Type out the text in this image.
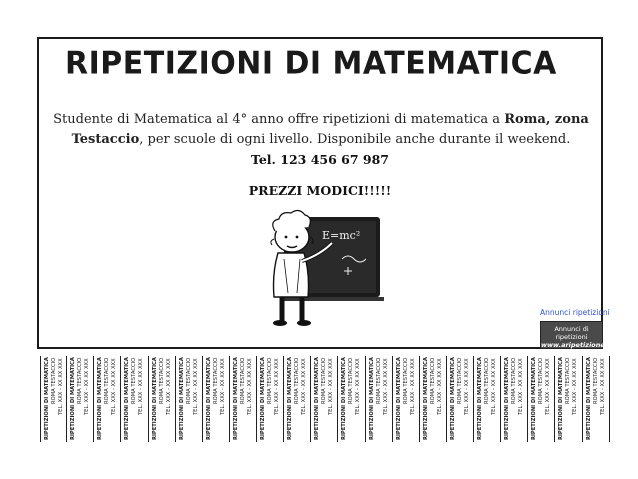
RIPETIZIONI DI MATEMATICA

Studente di Matematica al 4° anno offre ripetizioni di matematica a Roma, zona Testaccio, per scuole di ogni livello. Disponibile anche durante il weekend.

Tel. 123 456 67 987
PREZZI MODICI!!!!!
E=mc²
Annunci ripetizioni
Annunci di ripetizioni
www.aripetizione.com
RIPETIZIONI DI MATEMATICA ROMA TESTACCIO TEL. XXX - XX XX XXX RIPETIZIONI DI MATEMATICA ROMA TESTACCIO TEL. XXX - XX XX XXX RIPETIZIONI DI MATEMATICA ROMA TESTACCIO TEL. XXX - XX XX XXX RIPETIZIONI DI MATEMATICA ROMA TESTACCIO TEL. XXX - XX XX XXX RIPETIZIONI DI MATEMATICA ROMA TESTACCIO TEL. XXX - XX XX XXX RIPETIZIONI DI MATEMATICA ROMA TESTACCIO TEL. XXX - XX XX XXX RIPETIZIONI DI MATEMATICA ROMA TESTACCIO TEL. XXX - XX XX XXX RIPETIZIONI DI MATEMATICA ROMA TESTACCIO TEL. XXX - XX XX XXX RIPETIZIONI DI MATEMATICA ROMA TESTACCIO TEL. XXX - XX XX XXX RIPETIZIONI DI MATEMATICA ROMA TESTACCIO TEL. XXX - XX XX XXX RIPETIZIONI DI MATEMATICA ROMA TESTACCIO TEL. XXX - XX XX XXX RIPETIZIONI DI MATEMATICA ROMA TESTACCIO TEL. XXX - XX XX XXX RIPETIZIONI DI MATEMATICA ROMA TESTACCIO TEL. XXX - XX XX XXX RIPETIZIONI DI MATEMATICA ROMA TESTACCIO TEL. XXX - XX XX XXX RIPETIZIONI DI MATEMATICA ROMA TESTACCIO TEL. XXX - XX XX XXX RIPETIZIONI DI MATEMATICA ROMA TESTACCIO TEL. XXX - XX XX XXX RIPETIZIONI DI MATEMATICA ROMA TESTACCIO TEL. XXX - XX XX XXX RIPETIZIONI DI MATEMATICA ROMA TESTACCIO TEL. XXX - XX XX XXX RIPETIZIONI DI MATEMATICA ROMA TESTACCIO TEL. XXX - XX XX XXX RIPETIZIONI DI MATEMATICA ROMA TESTACCIO TEL. XXX - XX XX XXX RIPETIZIONI DI MATEMATICA ROMA TESTACCIO TEL. XXX - XX XX XXX
